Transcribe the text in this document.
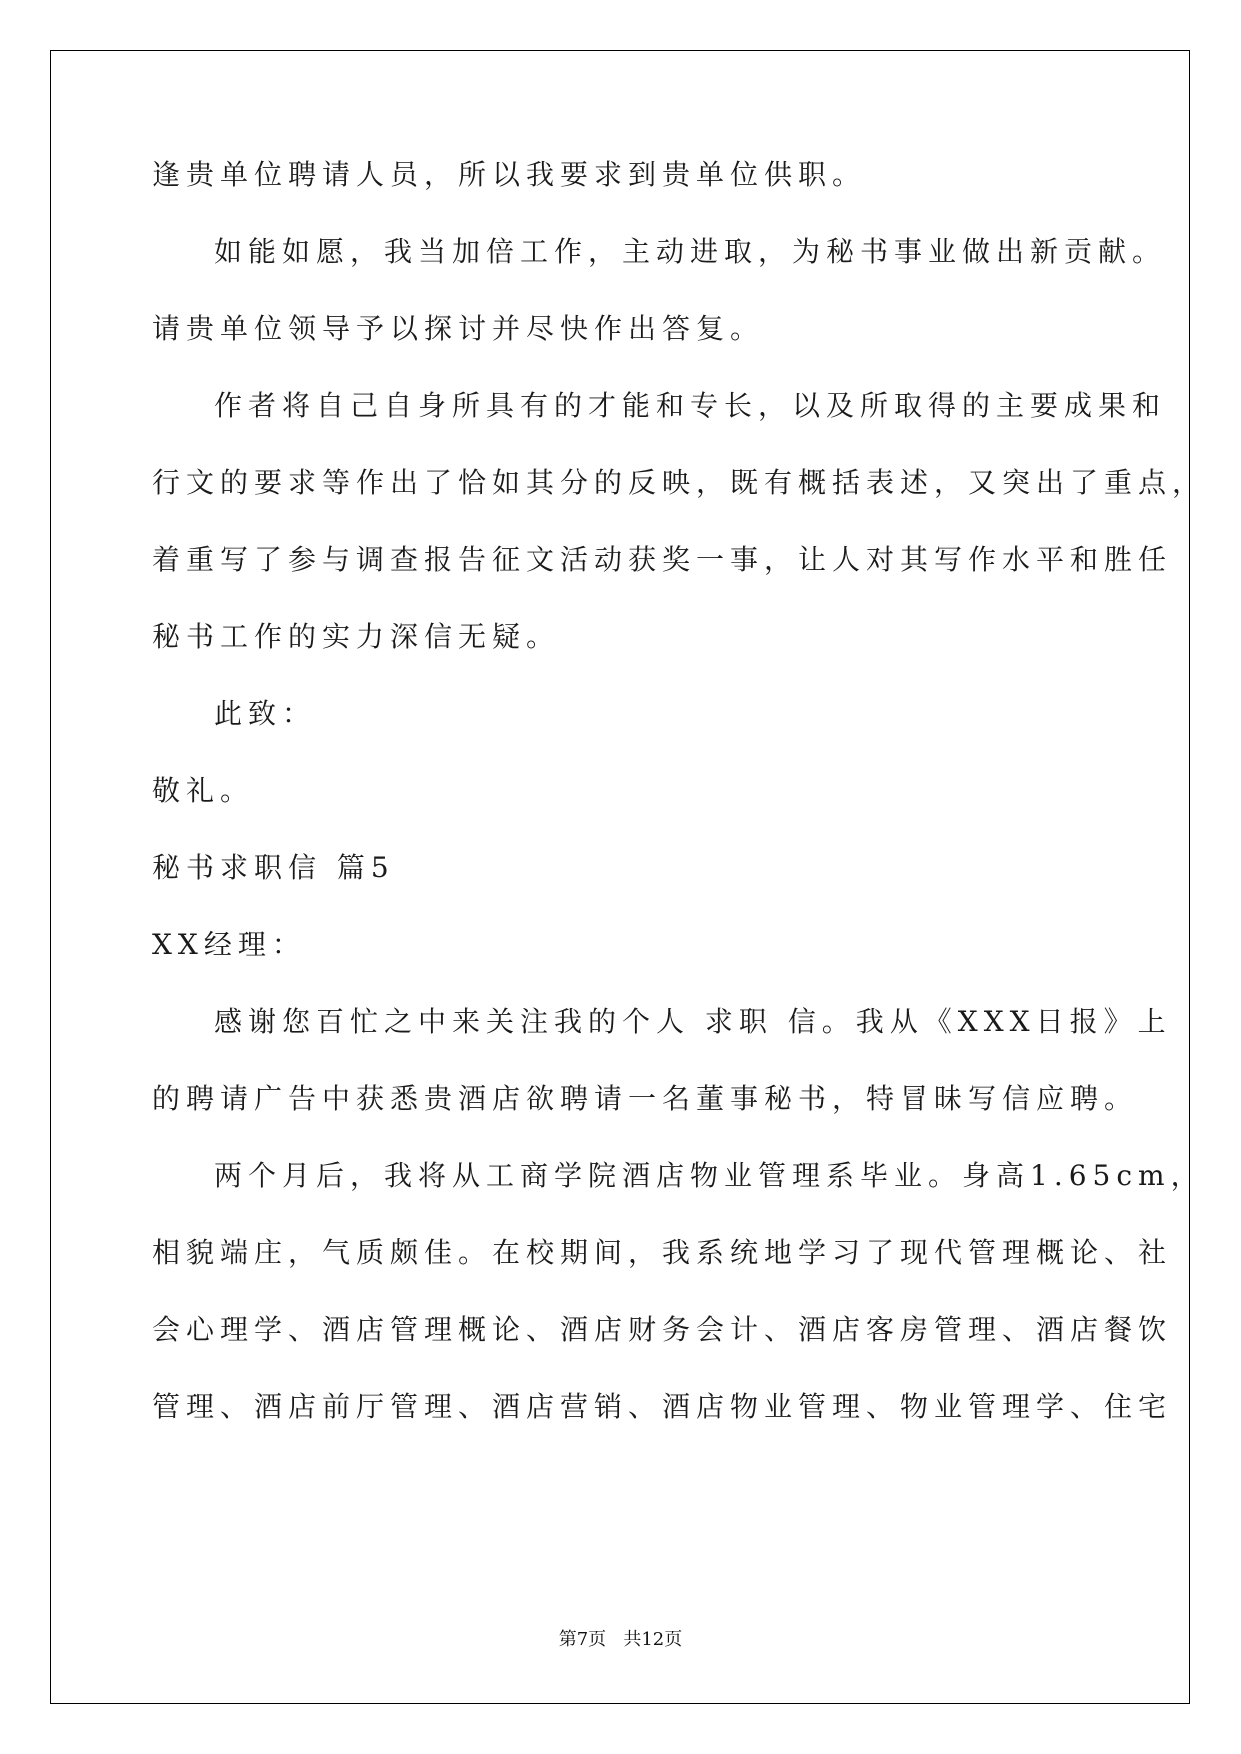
逢贵单位聘请人员，所以我要求到贵单位供职。
如能如愿，我当加倍工作，主动进取，为秘书事业做出新贡献。
请贵单位领导予以探讨并尽快作出答复。
作者将自己自身所具有的才能和专长，以及所取得的主要成果和
行文的要求等作出了恰如其分的反映，既有概括表述，又突出了重点，
着重写了参与调查报告征文活动获奖一事，让人对其写作水平和胜任
秘书工作的实力深信无疑。
此致：
敬礼。
秘书求职信 篇5
XX经理：
感谢您百忙之中来关注我的个人 求职 信。我从《XXX日报》上
的聘请广告中获悉贵酒店欲聘请一名董事秘书，特冒昧写信应聘。
两个月后，我将从工商学院酒店物业管理系毕业。身高1.65cm，
相貌端庄，气质颇佳。在校期间，我系统地学习了现代管理概论、社
会心理学、酒店管理概论、酒店财务会计、酒店客房管理、酒店餐饮
管理、酒店前厅管理、酒店营销、酒店物业管理、物业管理学、住宅
第7页 共12页
